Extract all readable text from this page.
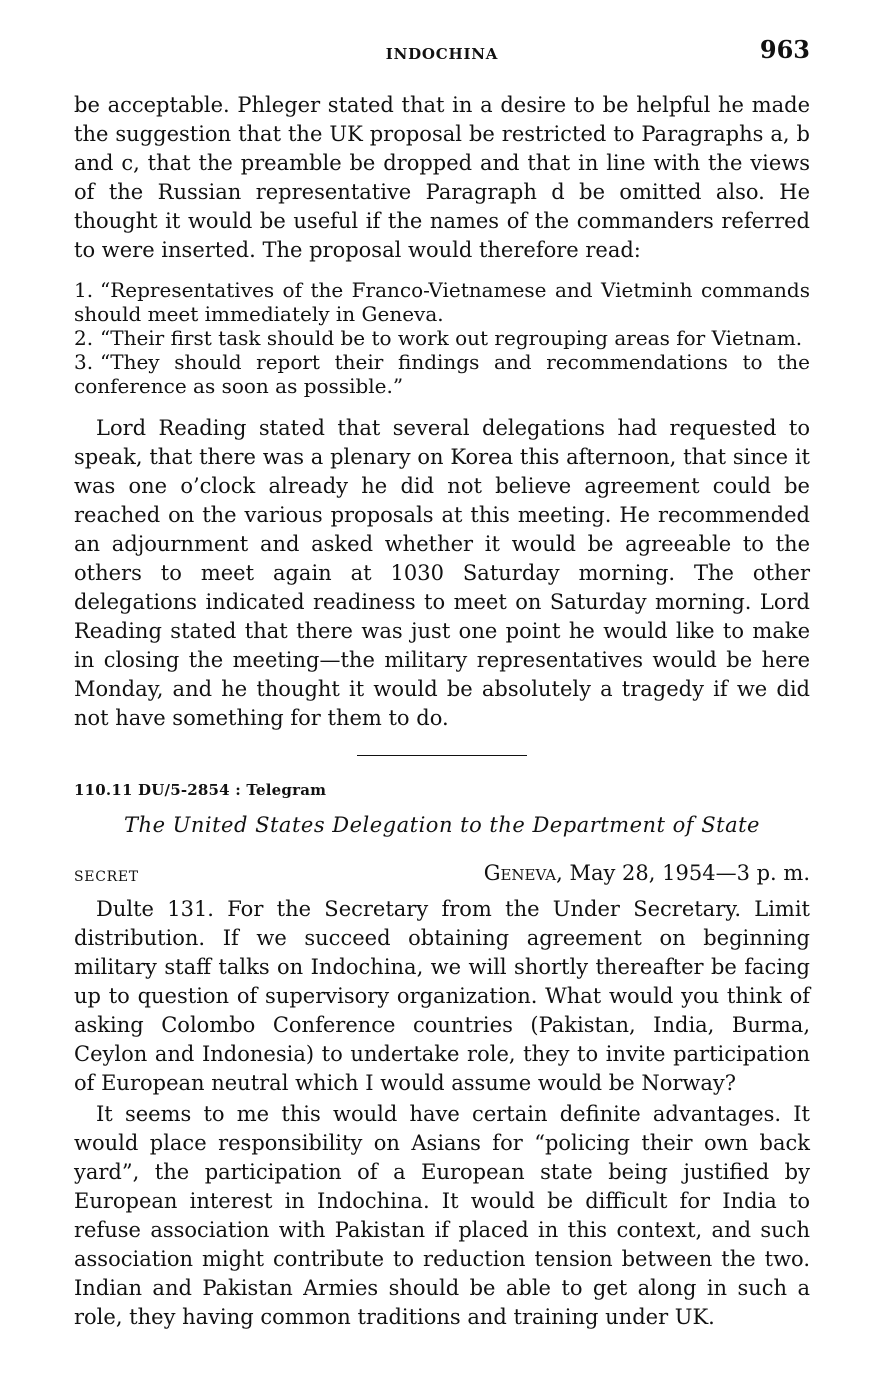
INDOCHINA	963

be acceptable. Phleger stated that in a desire to be helpful he made the suggestion that the UK proposal be restricted to Paragraphs a, b and c, that the preamble be dropped and that in line with the views of the Russian representative Paragraph d be omitted also. He thought it would be useful if the names of the commanders referred to were inserted. The proposal would therefore read:

1. “Representatives of the Franco-Vietnamese and Vietminh commands should meet immediately in Geneva.
2. “Their first task should be to work out regrouping areas for Vietnam.
3. “They should report their findings and recommendations to the conference as soon as possible.”

Lord Reading stated that several delegations had requested to speak, that there was a plenary on Korea this afternoon, that since it was one o’clock already he did not believe agreement could be reached on the various proposals at this meeting. He recommended an adjournment and asked whether it would be agreeable to the others to meet again at 1030 Saturday morning. The other delegations indicated readiness to meet on Saturday morning. Lord Reading stated that there was just one point he would like to make in closing the meeting—the military representatives would be here Monday, and he thought it would be absolutely a tragedy if we did not have something for them to do.

110.11 DU/5-2854 : Telegram
The United States Delegation to the Department of State
SECRET	Geneva, May 28, 1954—3 p. m.

Dulte 131. For the Secretary from the Under Secretary. Limit distribution. If we succeed obtaining agreement on beginning military staff talks on Indochina, we will shortly thereafter be facing up to question of supervisory organization. What would you think of asking Colombo Conference countries (Pakistan, India, Burma, Ceylon and Indonesia) to undertake role, they to invite participation of European neutral which I would assume would be Norway?

It seems to me this would have certain definite advantages. It would place responsibility on Asians for “policing their own back yard”, the participation of a European state being justified by European interest in Indochina. It would be difficult for India to refuse association with Pakistan if placed in this context, and such association might contribute to reduction tension between the two. Indian and Pakistan Armies should be able to get along in such a role, they having common traditions and training under UK.
